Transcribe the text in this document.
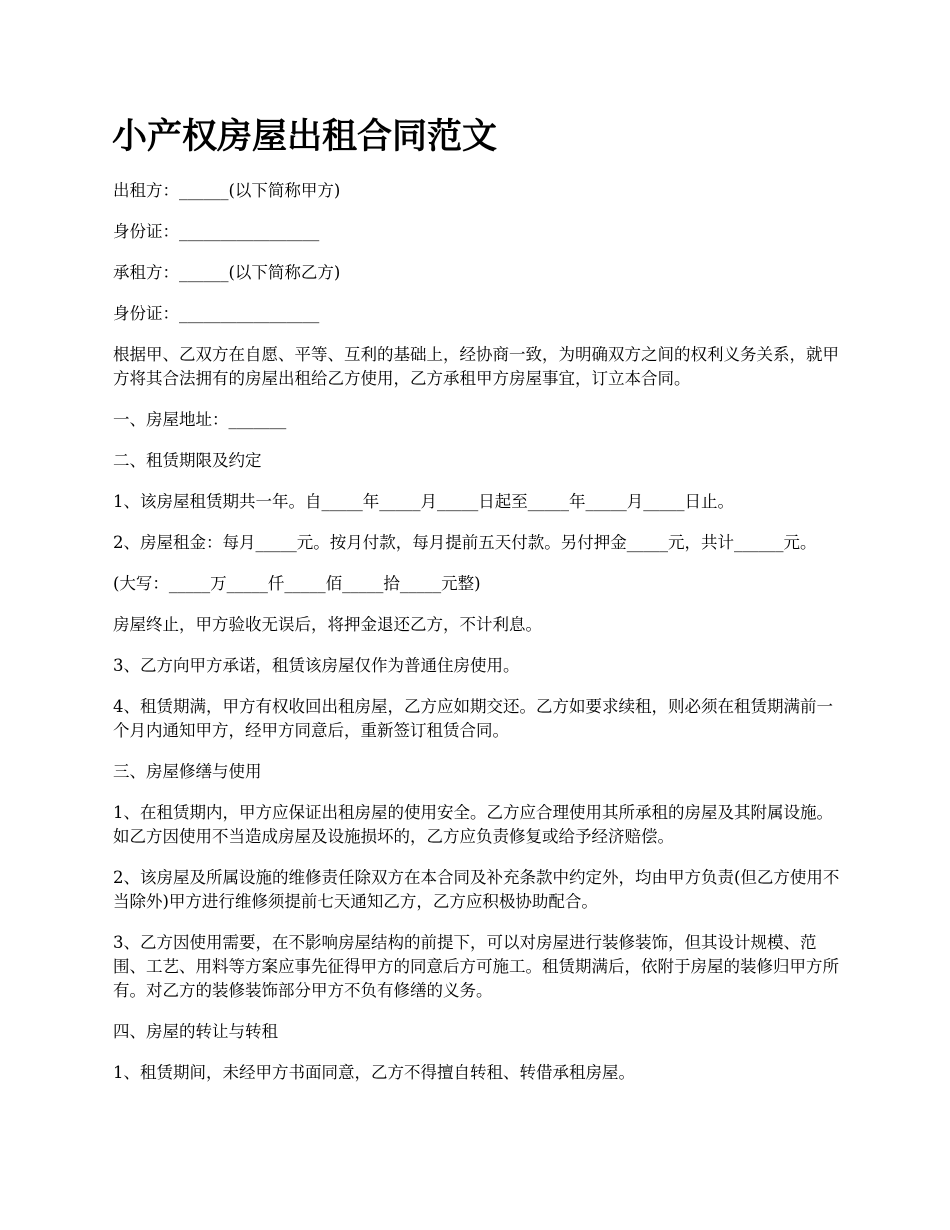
小产权房屋出租合同范文

出租方：______(以下简称甲方)

身份证：_________________

承租方：______(以下简称乙方)

身份证：_________________

根据甲、乙双方在自愿、平等、互利的基础上，经协商一致，为明确双方之间的权利义务关系，就甲方将其合法拥有的房屋出租给乙方使用，乙方承租甲方房屋事宜，订立本合同。

一、房屋地址：_______

二、租赁期限及约定

1、该房屋租赁期共一年。自_____年_____月_____日起至_____年_____月_____日止。

2、房屋租金：每月_____元。按月付款，每月提前五天付款。另付押金_____元，共计______元。

(大写：_____万_____仟_____佰_____拾_____元整)

房屋终止，甲方验收无误后，将押金退还乙方，不计利息。

3、乙方向甲方承诺，租赁该房屋仅作为普通住房使用。

4、租赁期满，甲方有权收回出租房屋，乙方应如期交还。乙方如要求续租，则必须在租赁期满前一个月内通知甲方，经甲方同意后，重新签订租赁合同。

三、房屋修缮与使用

1、在租赁期内，甲方应保证出租房屋的使用安全。乙方应合理使用其所承租的房屋及其附属设施。如乙方因使用不当造成房屋及设施损坏的，乙方应负责修复或给予经济赔偿。

2、该房屋及所属设施的维修责任除双方在本合同及补充条款中约定外，均由甲方负责(但乙方使用不当除外)甲方进行维修须提前七天通知乙方，乙方应积极协助配合。

3、乙方因使用需要，在不影响房屋结构的前提下，可以对房屋进行装修装饰，但其设计规模、范围、工艺、用料等方案应事先征得甲方的同意后方可施工。租赁期满后，依附于房屋的装修归甲方所有。对乙方的装修装饰部分甲方不负有修缮的义务。

四、房屋的转让与转租

1、租赁期间，未经甲方书面同意，乙方不得擅自转租、转借承租房屋。
